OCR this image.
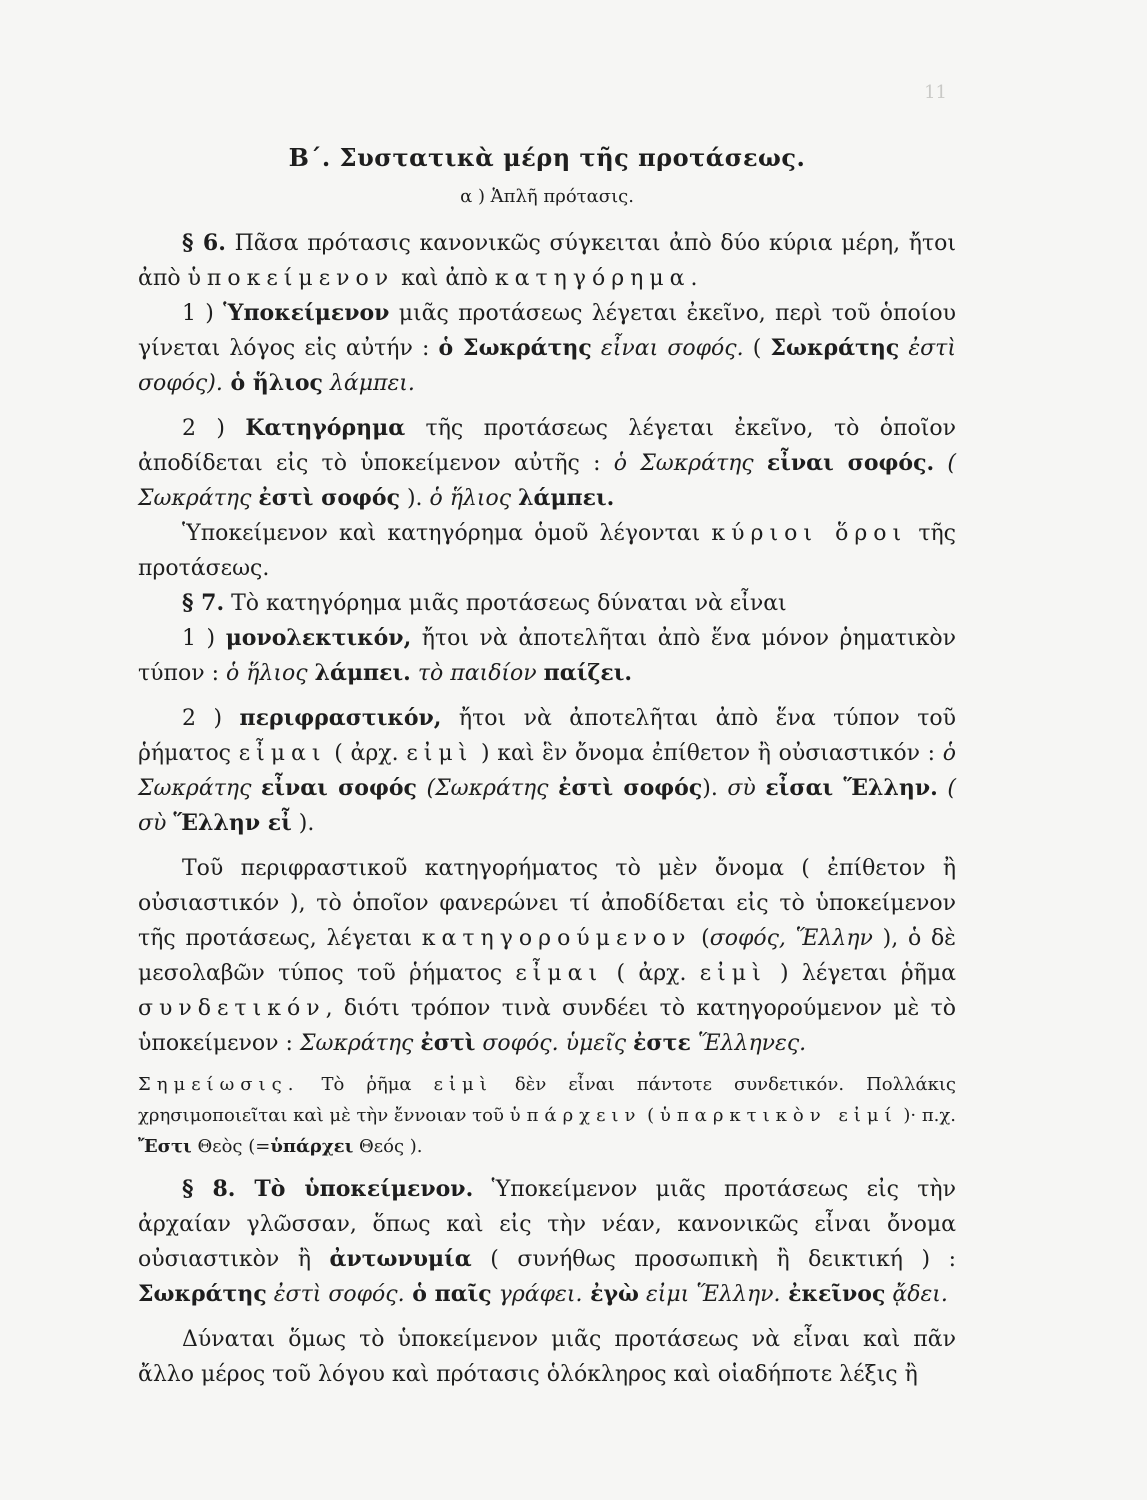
11
Β΄. Συστατικὰ μέρη τῆς προτάσεως.
α ) Ἁπλῆ πρότασις.

§ 6. Πᾶσα πρότασις κανονικῶς σύγκειται ἀπὸ δύο κύρια μέρη, ἤτοι ἀπὸ ὑποκείμενον καὶ ἀπὸ κατηγόρημα.

1 ) Ὑποκείμενον μιᾶς προτάσεως λέγεται ἐκεῖνο, περὶ τοῦ ὁποίου γίνεται λόγος εἰς αὐτήν : ὁ Σωκράτης εἶναι σοφός. ( Σωκράτης ἐστὶ σοφός). ὁ ἥλιος λάμπει.

2 ) Κατηγόρημα τῆς προτάσεως λέγεται ἐκεῖνο, τὸ ὁποῖον ἀποδίδεται εἰς τὸ ὑποκείμενον αὐτῆς : ὁ Σωκράτης εἶναι σοφός. ( Σωκράτης ἐστὶ σοφός ). ὁ ἥλιος λάμπει.

Ὑποκείμενον καὶ κατηγόρημα ὁμοῦ λέγονται κύριοι ὅροι τῆς προτάσεως.

§ 7. Τὸ κατηγόρημα μιᾶς προτάσεως δύναται νὰ εἶναι

1 ) μονολεκτικόν, ἤτοι νὰ ἀποτελῆται ἀπὸ ἕνα μόνον ῥηματικὸν τύπον : ὁ ἥλιος λάμπει. τὸ παιδίον παίζει.

2 ) περιφραστικόν, ἤτοι νὰ ἀποτελῆται ἀπὸ ἕνα τύπον τοῦ ῥήματος εἶμαι ( ἀρχ. εἰμὶ ) καὶ ἓν ὄνομα ἐπίθετον ἢ οὐσιαστικόν : ὁ Σωκράτης εἶναι σοφός (Σωκράτης ἐστὶ σοφός). σὺ εἶσαι Ἕλλην. ( σὺ Ἕλλην εἶ ).

Τοῦ περιφραστικοῦ κατηγορήματος τὸ μὲν ὄνομα ( ἐπίθετον ἢ οὐσιαστικόν ), τὸ ὁποῖον φανερώνει τί ἀποδίδεται εἰς τὸ ὑποκείμενον τῆς προτάσεως, λέγεται κατηγορούμενον (σοφός, Ἕλλην ), ὁ δὲ μεσολαβῶν τύπος τοῦ ῥήματος εἶμαι ( ἀρχ. εἰμὶ ) λέγεται ῥῆμα συνδετικόν, διότι τρόπον τινὰ συνδέει τὸ κατηγορούμενον μὲ τὸ ὑποκείμενον : Σωκράτης ἐστὶ σοφός. ὑμεῖς ἐστε Ἕλληνες.

Σημείωσις. Τὸ ῥῆμα εἰμὶ δὲν εἶναι πάντοτε συνδετικόν. Πολλάκις χρησιμοποιεῖται καὶ μὲ τὴν ἔννοιαν τοῦ ὑπάρχειν ( ὑπαρκτικὸν εἰμί )· π.χ. Ἔστι Θεὸς (=ὑπάρχει Θεός ).

§ 8. Τὸ ὑποκείμενον. Ὑποκείμενον μιᾶς προτάσεως εἰς τὴν ἀρχαίαν γλῶσσαν, ὅπως καὶ εἰς τὴν νέαν, κανονικῶς εἶναι ὄνομα οὐσιαστικὸν ἢ ἀντωνυμία ( συνήθως προσωπικὴ ἢ δεικτική ) : Σωκράτης ἐστὶ σοφός. ὁ παῖς γράφει. ἐγὼ εἰμι Ἕλλην. ἐκεῖνος ᾄδει.

Δύναται ὅμως τὸ ὑποκείμενον μιᾶς προτάσεως νὰ εἶναι καὶ πᾶν ἄλλο μέρος τοῦ λόγου καὶ πρότασις ὁλόκληρος καὶ οἱαδήποτε λέξις ἢ
